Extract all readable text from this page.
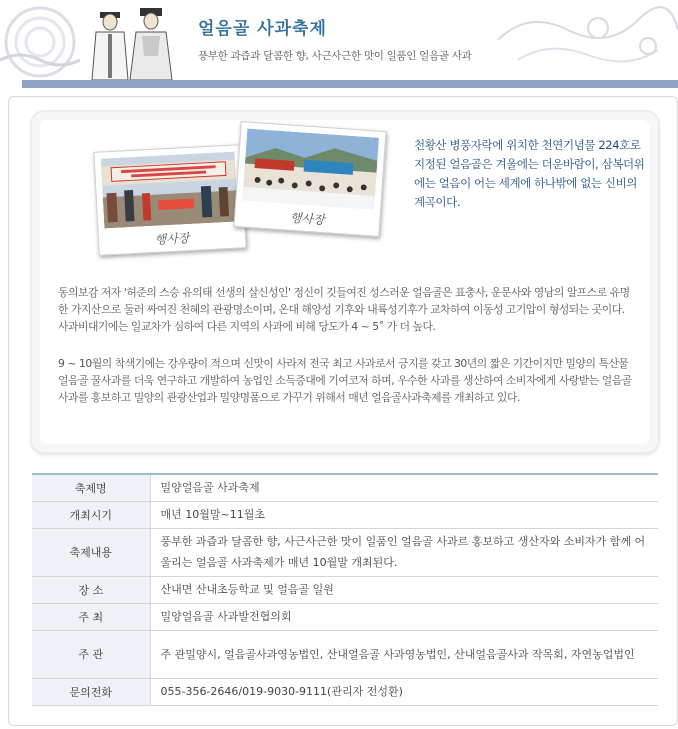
얼음골 사과축제
풍부한 과즙과 달콤한 향, 사근사근한 맛이 일품인 얼음골 사과
행사장
행사장
천황산 병풍자락에 위치한 천연기념물 224호로 지정된 얼음골은 겨울에는 더운바람이, 삼복더위에는 얼음이 어는 세계에 하나밖에 없는 신비의 계곡이다.
동의보감 저자 '허준의 스승 유의태 선생의 살신성인' 정신이 깃들여진 성스러운 얼음골은 표충사, 운문사와 영남의 알프스로 유명한 가지산으로 둘러 싸여진 천혜의 관광명소이며, 온대 해양성 기후와 내륙성기후가 교차하여 이동성 고기압이 형성되는 곳이다. 사과비대기에는 일교차가 심하여 다른 지역의 사과에 비해 당도가 4 ~ 5˚ 가 더 높다.
9 ~ 10월의 착색기에는 강우량이 적으며 신맛이 사라져 전국 최고 사과로서 긍지를 갖고 30년의 짧은 기간이지만 밀양의 특산물 얼음골 꿀사과를 더욱 연구하고 개발하여 농업인 소득증대에 기여코저 하며, 우수한 사과를 생산하여 소비자에게 사랑받는 얼음골 사과를 홍보하고 밀양의 관광산업과 밀양명품으로 가꾸기 위해서 매년 얼음골사과축제를 개최하고 있다.
축제명	밀양얼음골 사과축제
개최시기	매년 10월말~11월초
축제내용	풍부한 과즙과 달콤한 향, 사근사근한 맛이 일품인 얼음골 사과르 홍보하고 생산자와 소비자가 함께 어울리는 얼음골 사과축제가 매년 10월말 개최된다.
장 소	산내면 산내초등학교 및 얼음골 일원
주 최	밀양얼음골 사과발전협의회
주 관	주 관밀양시, 얼음골사과영농법인, 산내얼음골 사과영농법인, 산내얼음골사과 작목회, 자연농업법인
문의전화	055-356-2646/019-9030-9111(관리자 전성환)
